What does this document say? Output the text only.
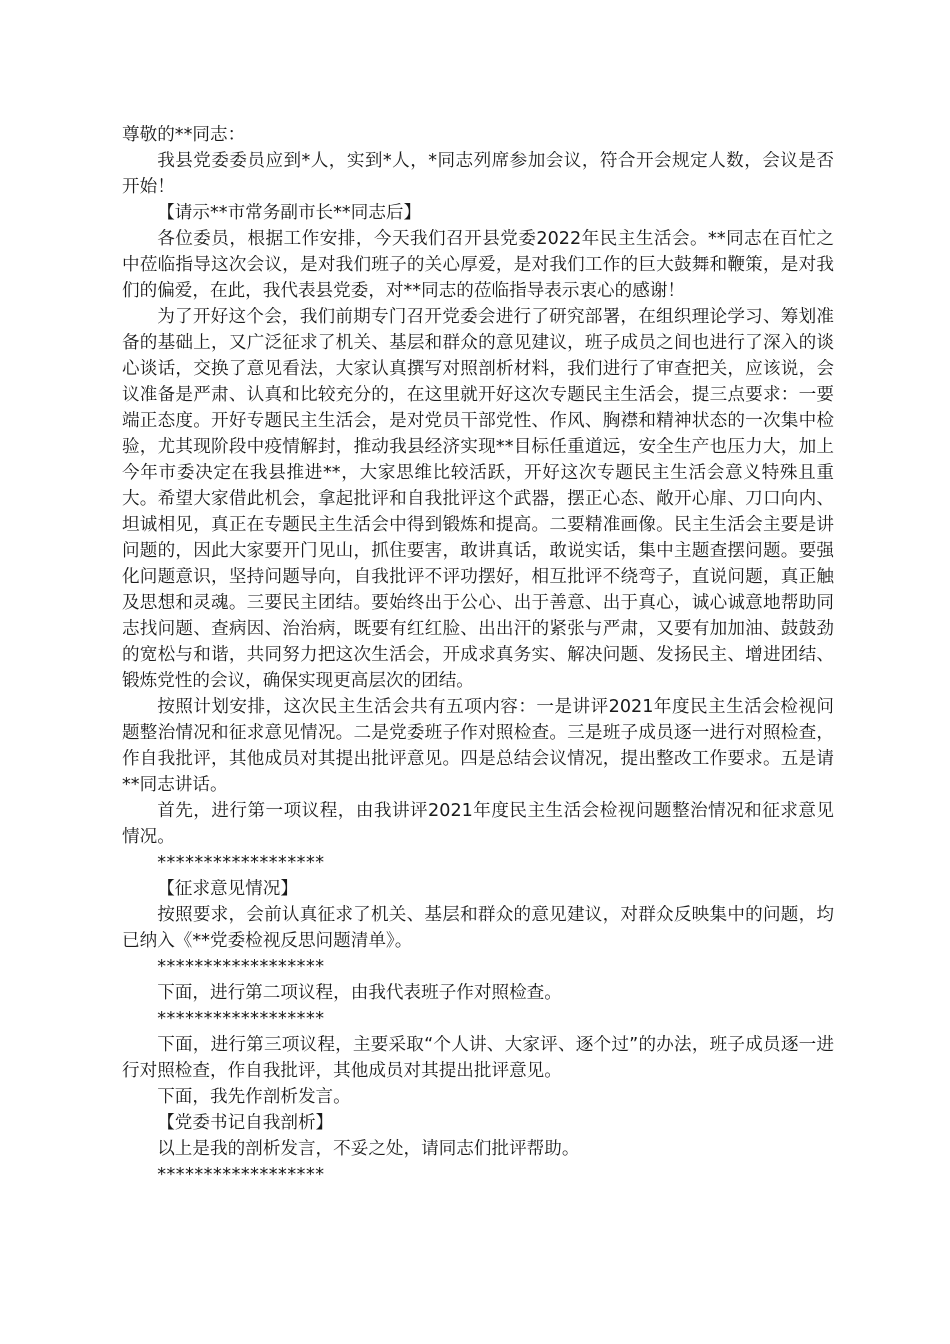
尊敬的**同志：

我县党委委员应到*人，实到*人，*同志列席参加会议，符合开会规定人数，会议是否开始！

【请示**市常务副市长**同志后】

各位委员，根据工作安排，今天我们召开县党委2022年民主生活会。**同志在百忙之中莅临指导这次会议，是对我们班子的关心厚爱，是对我们工作的巨大鼓舞和鞭策，是对我们的偏爱，在此，我代表县党委，对**同志的莅临指导表示衷心的感谢！

为了开好这个会，我们前期专门召开党委会进行了研究部署，在组织理论学习、筹划准备的基础上，又广泛征求了机关、基层和群众的意见建议，班子成员之间也进行了深入的谈心谈话，交换了意见看法，大家认真撰写对照剖析材料，我们进行了审查把关，应该说，会议准备是严肃、认真和比较充分的，在这里就开好这次专题民主生活会，提三点要求：一要端正态度。开好专题民主生活会，是对党员干部党性、作风、胸襟和精神状态的一次集中检验，尤其现阶段中疫情解封，推动我县经济实现**目标任重道远，安全生产也压力大，加上今年市委决定在我县推进**，大家思维比较活跃，开好这次专题民主生活会意义特殊且重大。希望大家借此机会，拿起批评和自我批评这个武器，摆正心态、敞开心扉、刀口向内、坦诚相见，真正在专题民主生活会中得到锻炼和提高。二要精准画像。民主生活会主要是讲问题的，因此大家要开门见山，抓住要害，敢讲真话，敢说实话，集中主题查摆问题。要强化问题意识，坚持问题导向，自我批评不评功摆好，相互批评不绕弯子，直说问题，真正触及思想和灵魂。三要民主团结。要始终出于公心、出于善意、出于真心，诚心诚意地帮助同志找问题、查病因、治治病，既要有红红脸、出出汗的紧张与严肃，又要有加加油、鼓鼓劲的宽松与和谐，共同努力把这次生活会，开成求真务实、解决问题、发扬民主、增进团结、锻炼党性的会议，确保实现更高层次的团结。

按照计划安排，这次民主生活会共有五项内容：一是讲评2021年度民主生活会检视问题整治情况和征求意见情况。二是党委班子作对照检查。三是班子成员逐一进行对照检查，作自我批评，其他成员对其提出批评意见。四是总结会议情况，提出整改工作要求。五是请**同志讲话。

首先，进行第一项议程，由我讲评2021年度民主生活会检视问题整治情况和征求意见情况。

******************

【征求意见情况】

按照要求，会前认真征求了机关、基层和群众的意见建议，对群众反映集中的问题，均已纳入《**党委检视反思问题清单》。

******************

下面，进行第二项议程，由我代表班子作对照检查。

******************

下面，进行第三项议程，主要采取“个人讲、大家评、逐个过”的办法，班子成员逐一进行对照检查，作自我批评，其他成员对其提出批评意见。

下面，我先作剖析发言。

【党委书记自我剖析】

以上是我的剖析发言，不妥之处，请同志们批评帮助。

******************
